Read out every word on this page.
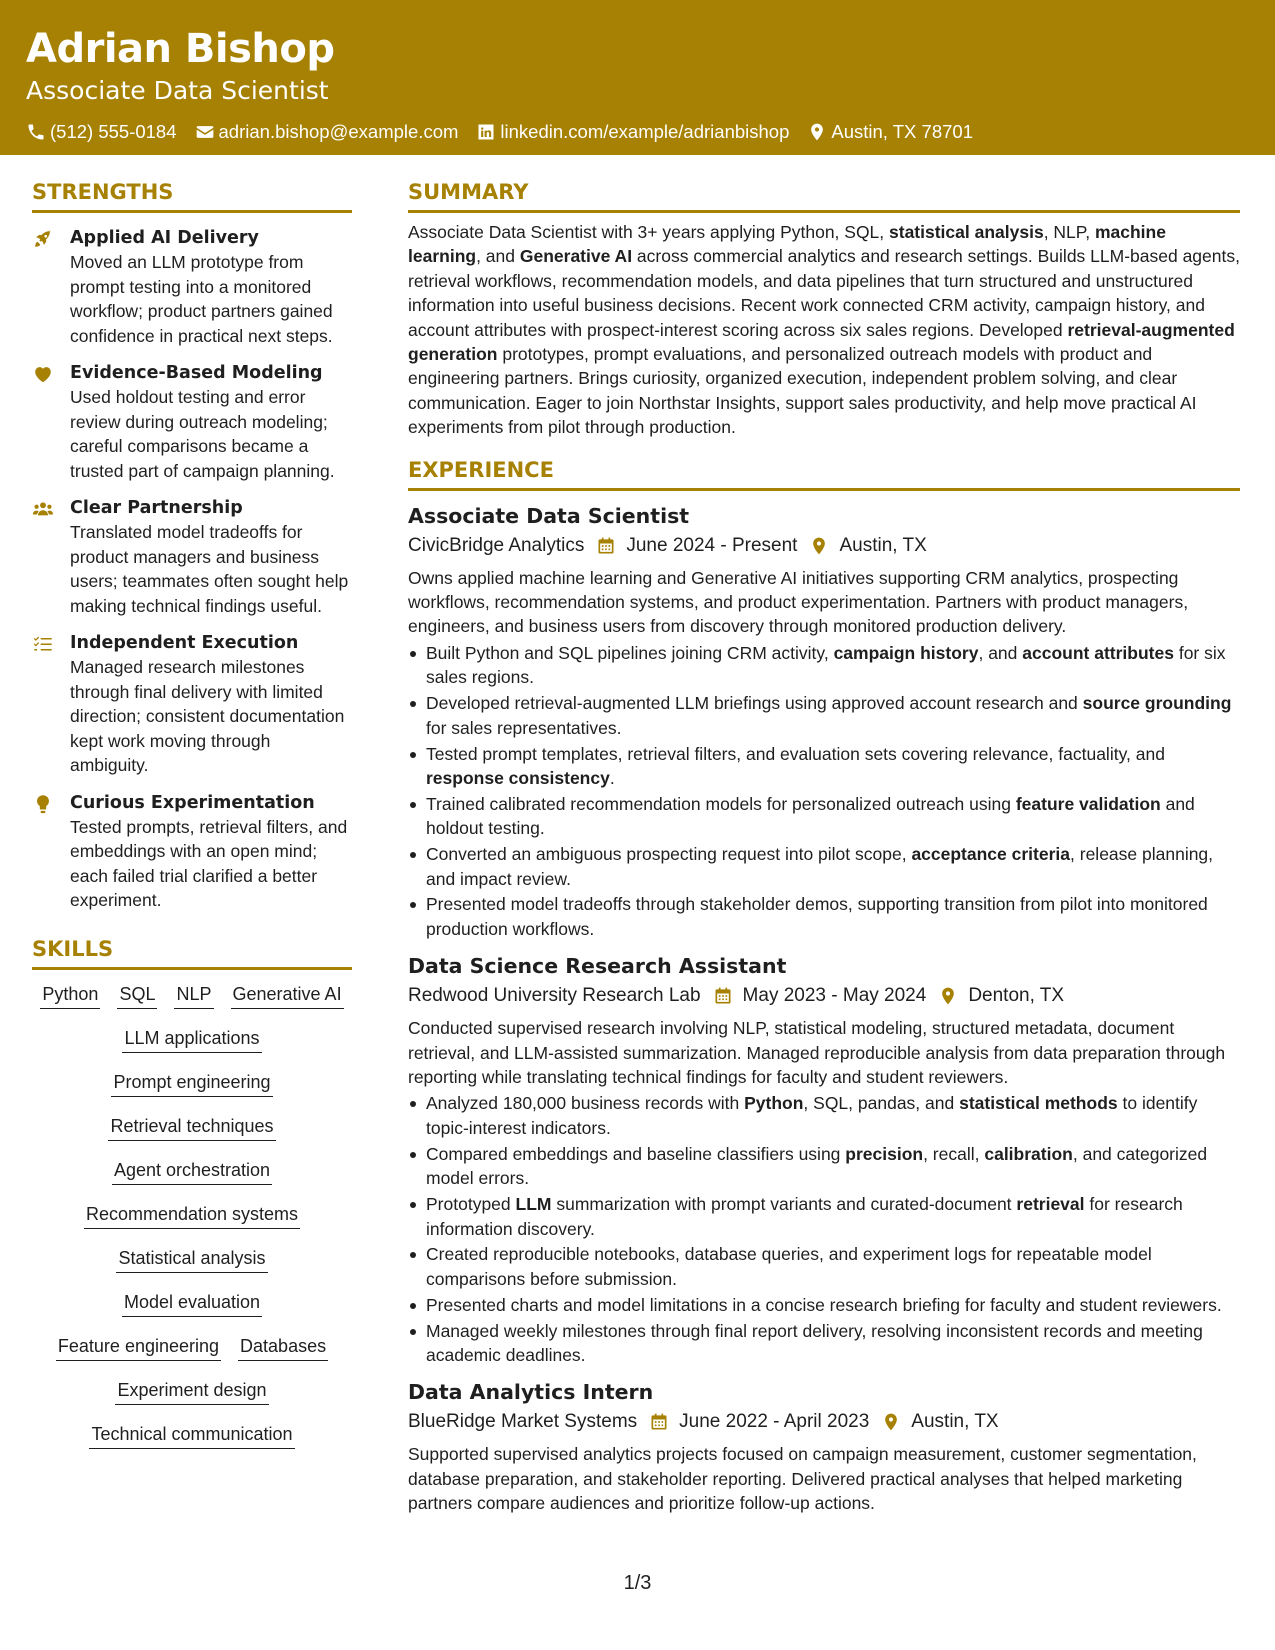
Adrian Bishop
Associate Data Scientist
(512) 555-0184 adrian.bishop@example.com linkedin.com/example/adrianbishop Austin, TX 78701
STRENGTHS
Applied AI Delivery
Moved an LLM prototype from prompt testing into a monitored workflow; product partners gained confidence in practical next steps.
Evidence-Based Modeling
Used holdout testing and error review during outreach modeling; careful comparisons became a trusted part of campaign planning.
Clear Partnership
Translated model tradeoffs for product managers and business users; teammates often sought help making technical findings useful.
Independent Execution
Managed research milestones through final delivery with limited direction; consistent documentation kept work moving through ambiguity.
Curious Experimentation
Tested prompts, retrieval filters, and embeddings with an open mind; each failed trial clarified a better experiment.
SKILLS
Python SQL NLP Generative AI
LLM applications
Prompt engineering
Retrieval techniques
Agent orchestration
Recommendation systems
Statistical analysis
Model evaluation
Feature engineering Databases
Experiment design
Technical communication
SUMMARY

Associate Data Scientist with 3+ years applying Python, SQL, statistical analysis, NLP, machine learning, and Generative AI across commercial analytics and research settings. Builds LLM-based agents, retrieval workflows, recommendation models, and data pipelines that turn structured and unstructured information into useful business decisions. Recent work connected CRM activity, campaign history, and account attributes with prospect-interest scoring across six sales regions. Developed retrieval-augmented generation prototypes, prompt evaluations, and personalized outreach models with product and engineering partners. Brings curiosity, organized execution, independent problem solving, and clear communication. Eager to join Northstar Insights, support sales productivity, and help move practical AI experiments from pilot through production.

EXPERIENCE
Associate Data Scientist
CivicBridge Analytics June 2024 - Present Austin, TX
Owns applied machine learning and Generative AI initiatives supporting CRM analytics, prospecting workflows, recommendation systems, and product experimentation. Partners with product managers, engineers, and business users from discovery through monitored production delivery.
Built Python and SQL pipelines joining CRM activity, campaign history, and account attributes for six sales regions.
Developed retrieval-augmented LLM briefings using approved account research and source grounding for sales representatives.
Tested prompt templates, retrieval filters, and evaluation sets covering relevance, factuality, and response consistency.
Trained calibrated recommendation models for personalized outreach using feature validation and holdout testing.
Converted an ambiguous prospecting request into pilot scope, acceptance criteria, release planning, and impact review.
Presented model tradeoffs through stakeholder demos, supporting transition from pilot into monitored production workflows.
Data Science Research Assistant
Redwood University Research Lab May 2023 - May 2024 Denton, TX
Conducted supervised research involving NLP, statistical modeling, structured metadata, document retrieval, and LLM-assisted summarization. Managed reproducible analysis from data preparation through reporting while translating technical findings for faculty and student reviewers.
Analyzed 180,000 business records with Python, SQL, pandas, and statistical methods to identify topic-interest indicators.
Compared embeddings and baseline classifiers using precision, recall, calibration, and categorized model errors.
Prototyped LLM summarization with prompt variants and curated-document retrieval for research information discovery.
Created reproducible notebooks, database queries, and experiment logs for repeatable model comparisons before submission.
Presented charts and model limitations in a concise research briefing for faculty and student reviewers.
Managed weekly milestones through final report delivery, resolving inconsistent records and meeting academic deadlines.
Data Analytics Intern
BlueRidge Market Systems June 2022 - April 2023 Austin, TX
Supported supervised analytics projects focused on campaign measurement, customer segmentation, database preparation, and stakeholder reporting. Delivered practical analyses that helped marketing partners compare audiences and prioritize follow-up actions.
1/3
